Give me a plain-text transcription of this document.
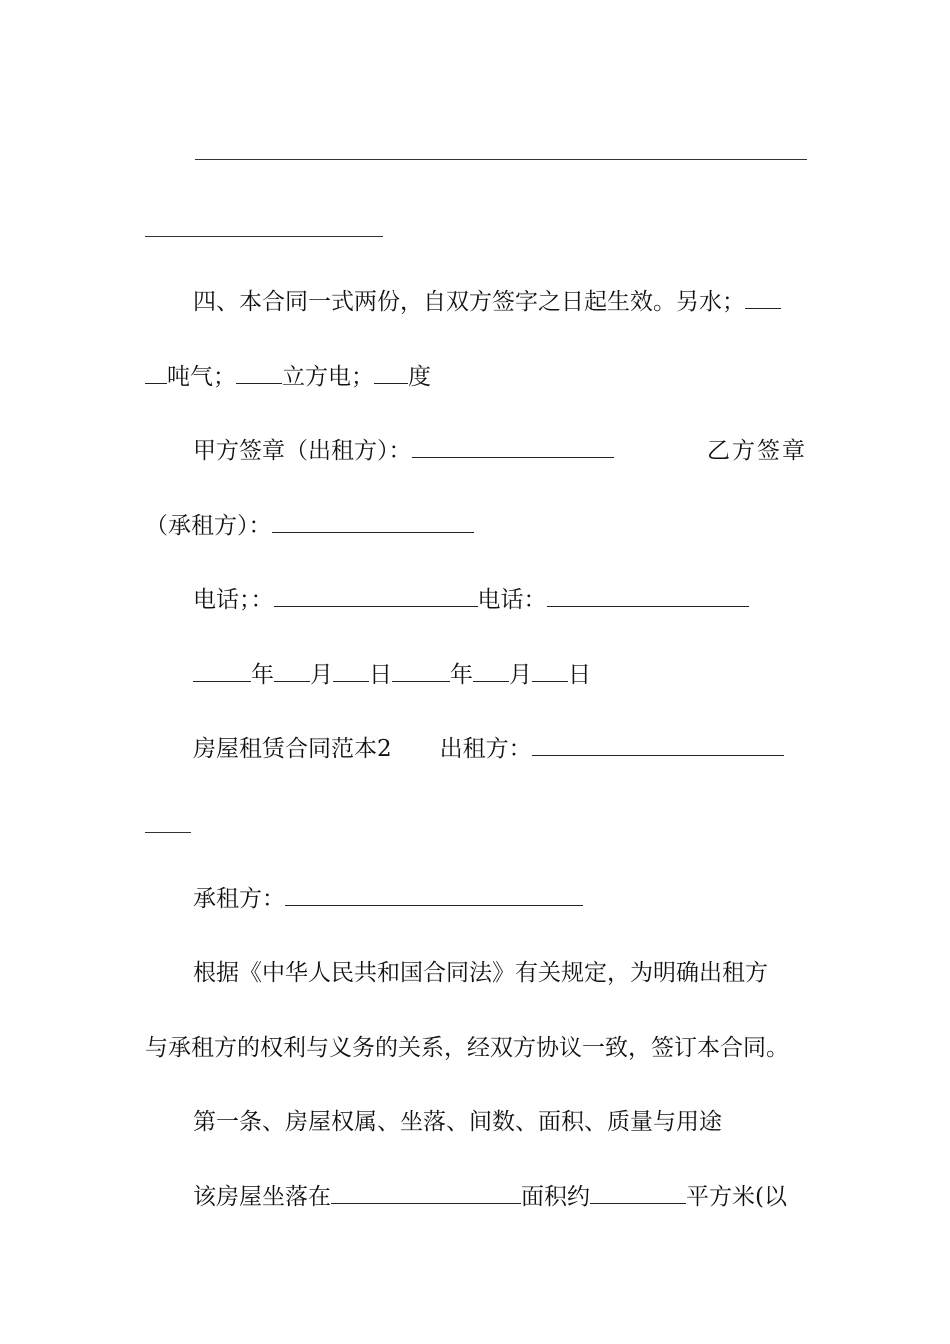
四、本合同一式两份，自双方签字之日起生效。另水；
吨气； 立方电； 度
甲方签章（出租方）：	乙方签章
（承租方）：
电话；：	电话：
年 月 日	年 月 日
房屋租赁合同范本2 出租方：
承租方：
根据《中华人民共和国合同法》有关规定，为明确出租方
与承租方的权利与义务的关系，经双方协议一致，签订本合同。
第一条、房屋权属、坐落、间数、面积、质量与用途
该房屋坐落在	面积约	平方米(以
